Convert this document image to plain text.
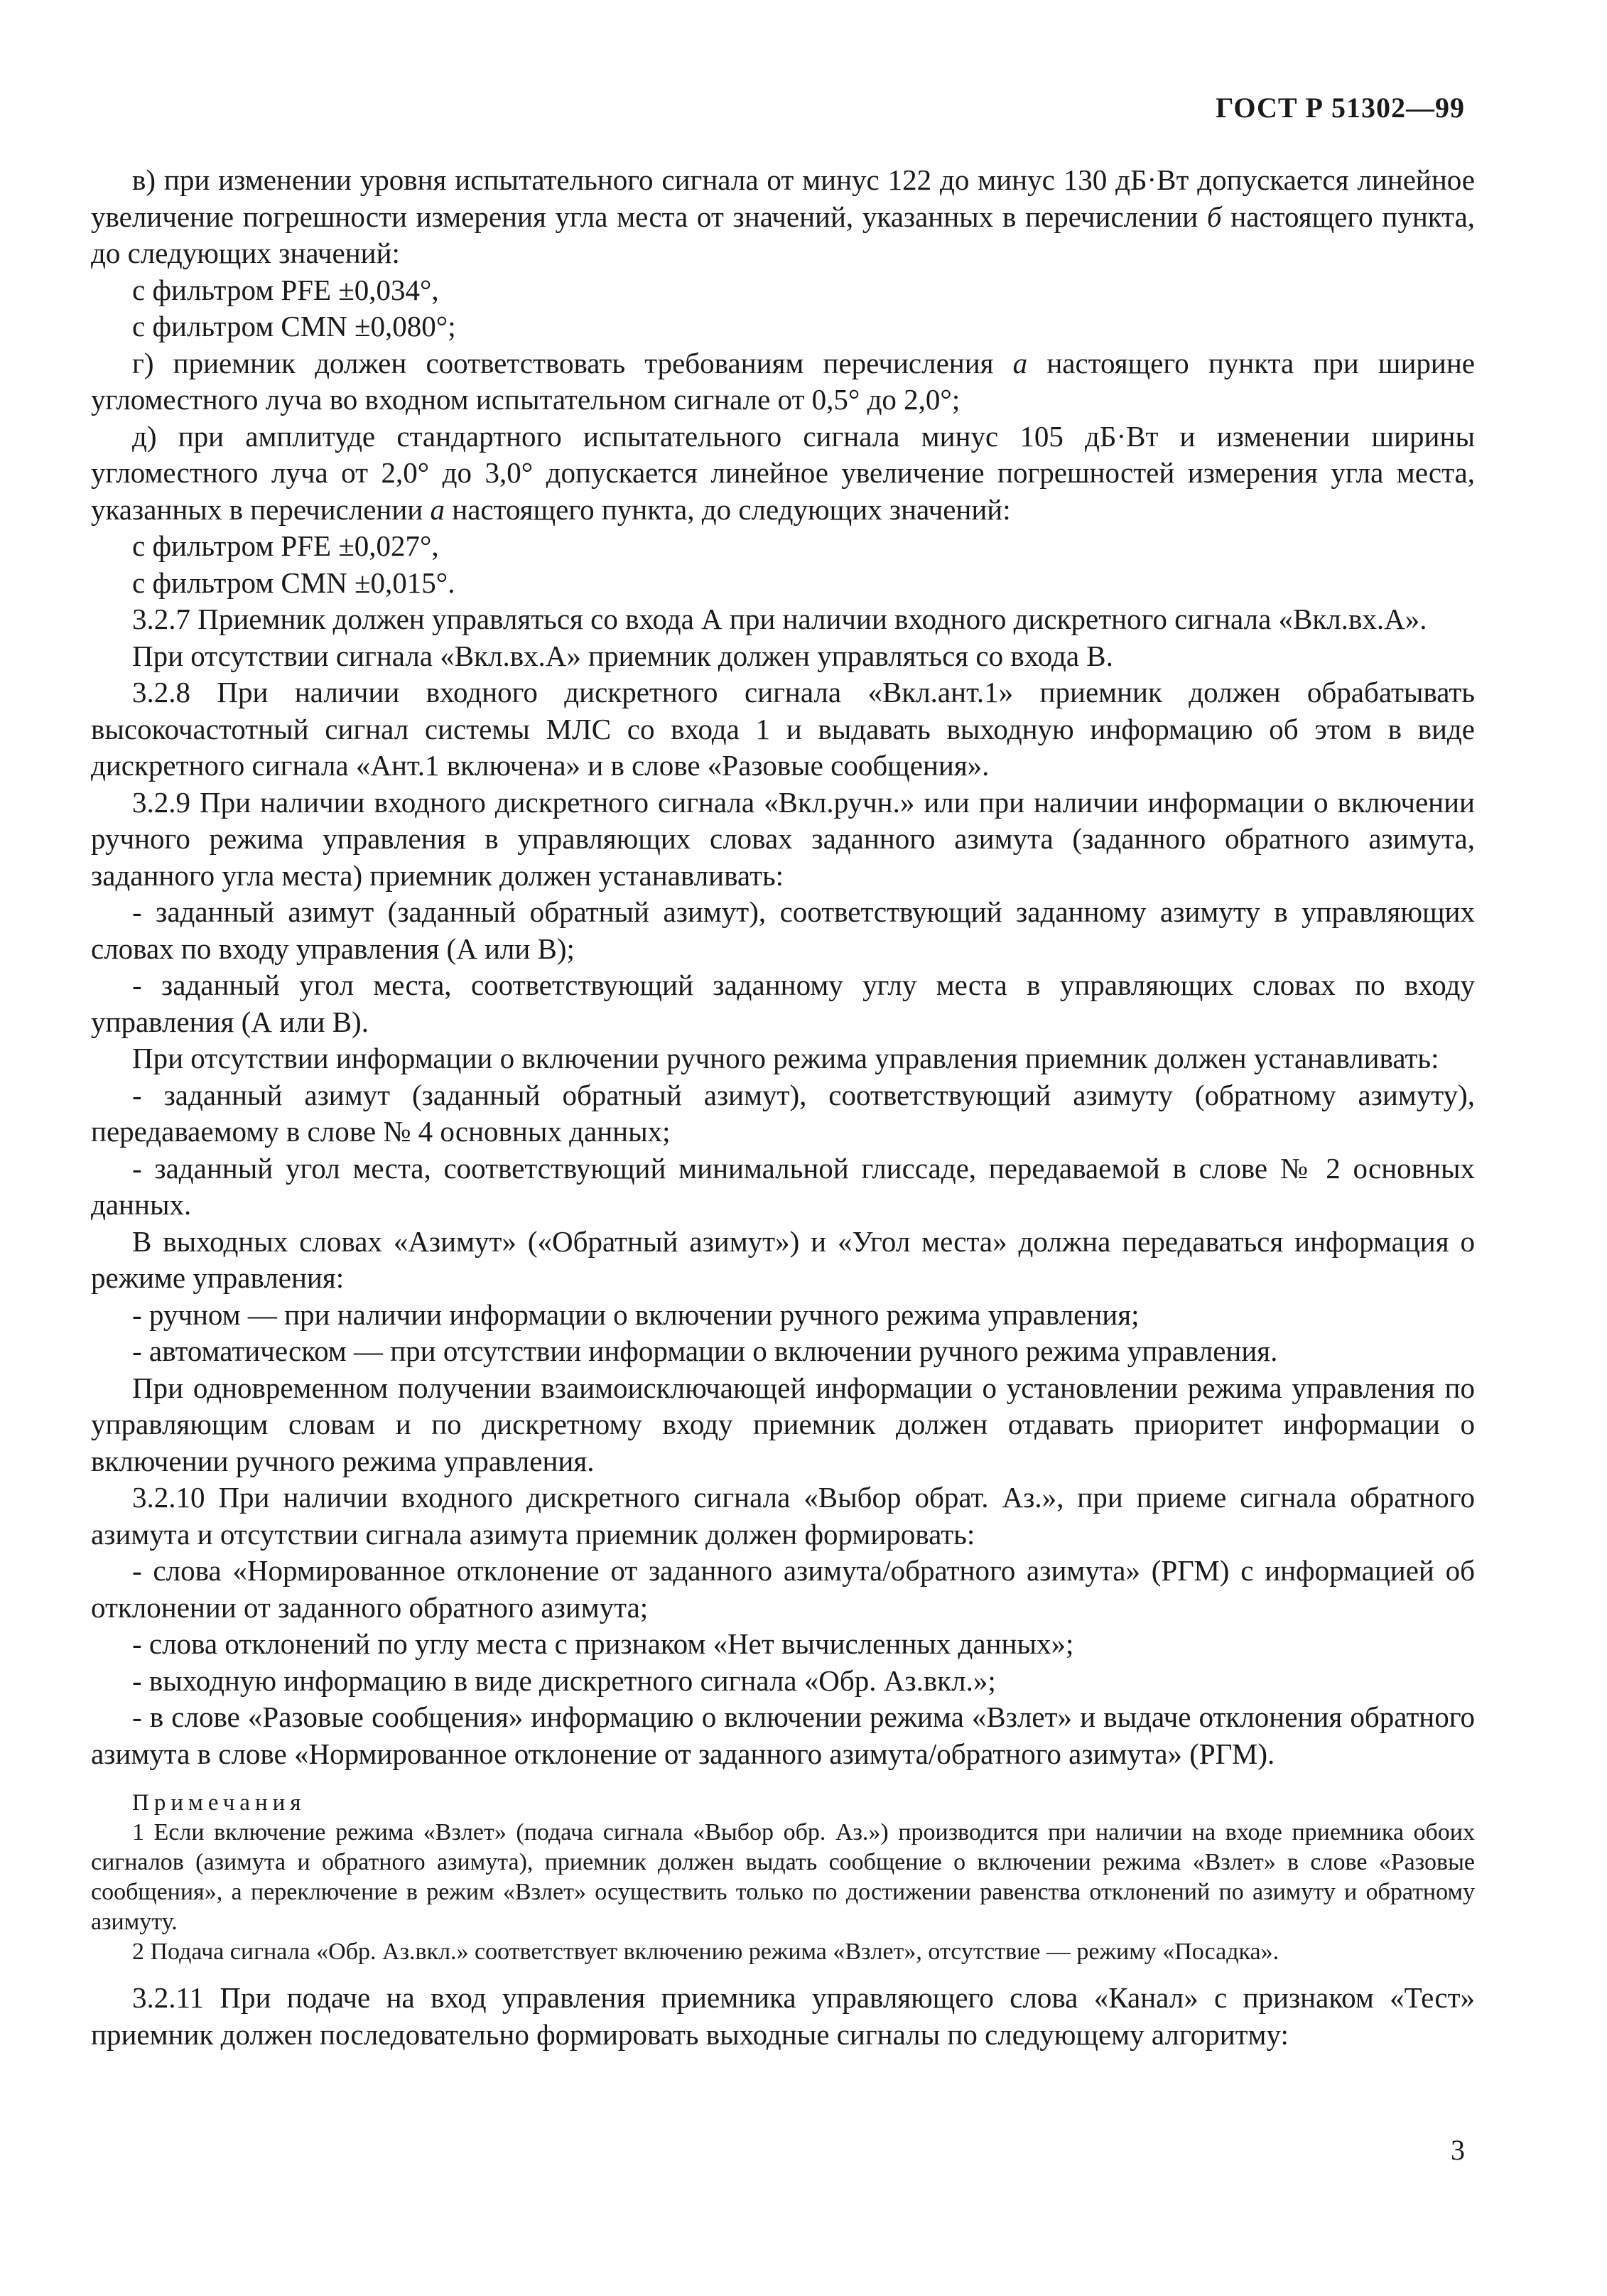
ГОСТ Р 51302—99

в) при изменении уровня испытательного сигнала от минус 122 до минус 130 дБ·Вт допускается линейное увеличение погрешности измерения угла места от значений, указанных в перечислении б настоящего пункта, до следующих значений:

с фильтром PFE ±0,034°,

с фильтром CMN ±0,080°;

г) приемник должен соответствовать требованиям перечисления а настоящего пункта при ширине угломестного луча во входном испытательном сигнале от 0,5° до 2,0°;

д) при амплитуде стандартного испытательного сигнала минус 105 дБ·Вт и изменении ширины угломестного луча от 2,0° до 3,0° допускается линейное увеличение погрешностей измерения угла места, указанных в перечислении а настоящего пункта, до следующих значений:

с фильтром PFE ±0,027°,

с фильтром CMN ±0,015°.

3.2.7 Приемник должен управляться со входа А при наличии входного дискретного сигнала «Вкл.вх.А».

При отсутствии сигнала «Вкл.вх.А» приемник должен управляться со входа В.

3.2.8 При наличии входного дискретного сигнала «Вкл.ант.1» приемник должен обрабатывать высокочастотный сигнал системы МЛС со входа 1 и выдавать выходную информацию об этом в виде дискретного сигнала «Ант.1 включена» и в слове «Разовые сообщения».

3.2.9 При наличии входного дискретного сигнала «Вкл.ручн.» или при наличии информации о включении ручного режима управления в управляющих словах заданного азимута (заданного обратного азимута, заданного угла места) приемник должен устанавливать:

- заданный азимут (заданный обратный азимут), соответствующий заданному азимуту в управляющих словах по входу управления (А или В);

- заданный угол места, соответствующий заданному углу места в управляющих словах по входу управления (А или В).

При отсутствии информации о включении ручного режима управления приемник должен устанавливать:

- заданный азимут (заданный обратный азимут), соответствующий азимуту (обратному азимуту), передаваемому в слове № 4 основных данных;

- заданный угол места, соответствующий минимальной глиссаде, передаваемой в слове № 2 основных данных.

В выходных словах «Азимут» («Обратный азимут») и «Угол места» должна передаваться информация о режиме управления:

- ручном — при наличии информации о включении ручного режима управления;

- автоматическом — при отсутствии информации о включении ручного режима управления.

При одновременном получении взаимоисключающей информации о установлении режима управления по управляющим словам и по дискретному входу приемник должен отдавать приоритет информации о включении ручного режима управления.

3.2.10 При наличии входного дискретного сигнала «Выбор обрат. Аз.», при приеме сигнала обратного азимута и отсутствии сигнала азимута приемник должен формировать:

- слова «Нормированное отклонение от заданного азимута/обратного азимута» (РГМ) с информацией об отклонении от заданного обратного азимута;

- слова отклонений по углу места с признаком «Нет вычисленных данных»;

- выходную информацию в виде дискретного сигнала «Обр. Аз.вкл.»;

- в слове «Разовые сообщения» информацию о включении режима «Взлет» и выдаче отклонения обратного азимута в слове «Нормированное отклонение от заданного азимута/обратного азимута» (РГМ).

Примечания

1 Если включение режима «Взлет» (подача сигнала «Выбор обр. Аз.») производится при наличии на входе приемника обоих сигналов (азимута и обратного азимута), приемник должен выдать сообщение о включении режима «Взлет» в слове «Разовые сообщения», а переключение в режим «Взлет» осуществить только по достижении равенства отклонений по азимуту и обратному азимуту.

2 Подача сигнала «Обр. Аз.вкл.» соответствует включению режима «Взлет», отсутствие — режиму «Посадка».

3.2.11 При подаче на вход управления приемника управляющего слова «Канал» с признаком «Тест» приемник должен последовательно формировать выходные сигналы по следующему алгоритму:

3
